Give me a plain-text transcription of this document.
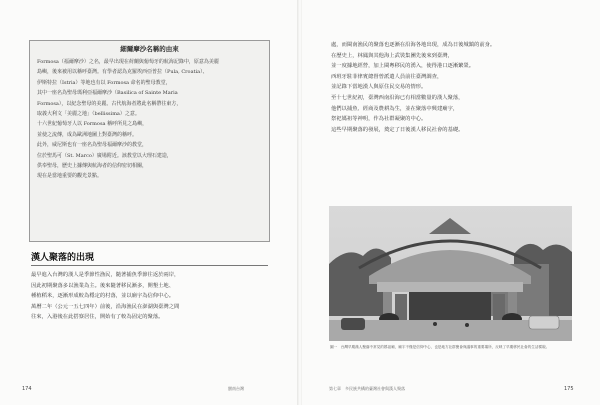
細爾摩沙名稱的由來
Formosa（福爾摩沙）之名，最早出現在荷蘭與葡萄牙的航海記錄中，原意為美麗
島嶼，後來被用以稱呼臺灣。有學者認為克羅埃西亞普拉（Pula, Croatia）、
伊斯特拉（Istria）等地也有以 Formosa 命名的聖母教堂，
其中一座名為聖母瑪利亞福爾摩沙（Basilica of Sainte Maria
Formosa），以紀念聖母的美麗。古代航海者將此名稱帶往東方，
取義大利文「美麗之地」（bellissima）之意。
十六世紀葡萄牙人以 Formosa 稱呼所見之島嶼，
並使之流傳，成為歐洲地圖上對臺灣的稱呼。
此外，威尼斯也有一座名為聖母福爾摩沙的教堂，
位於聖馬可（St. Marco）廣場附近。該教堂以大理石建造，
供奉聖母，歷史上據傳與航海者的信仰密切相關，
現在是當地重要的觀光景點。
漢人聚落的出現
最早進入台灣的漢人是季節性漁民，隨著捕魚季節往返於兩岸，
因此初期聚落多以漁業為主。後來隨著移民漸多，開墾土地、
種植稻米，逐漸形成較為穩定的村落，並以廟宇為信仰中心。
萬曆二年（公元一五七四年）前後，沿海漁民在澎湖與臺灣之間
往來，入港後在此搭寮居住，開始有了較為固定的聚落。
174	閩南台灣
處，而閩南漁民的聚落也逐漸在沿海各地出現，成為日後城鎮的前身。
在歷史上，林鳳與其他海上武裝集團先後來到臺灣，
並一度據地經營，加上閩粵移民的湧入，使得港口逐漸繁榮。
西班牙駐菲律賓總督曾派遣人員前往臺灣調查，
並記錄下當地漢人與原住民交易的情形。
至十七世紀初，臺灣西南沿海已有相當數量的漢人聚落，
他們以捕魚、經商及農耕為生，並在聚落中興建廟宇，
祭祀媽祖等神明，作為社群凝聚的中心。
這些早期聚落的發展，奠定了日後漢人移民社會的基礎。
圖一　台灣早期漢人聚落中常見的媽祖廟，廟宇不僅是信仰中心，也是地方社群聚會與議事的重要場所，反映了早期移民社會的生活樣貌。
第七章　多民族共構的臺灣社會與漢人聚落	175
